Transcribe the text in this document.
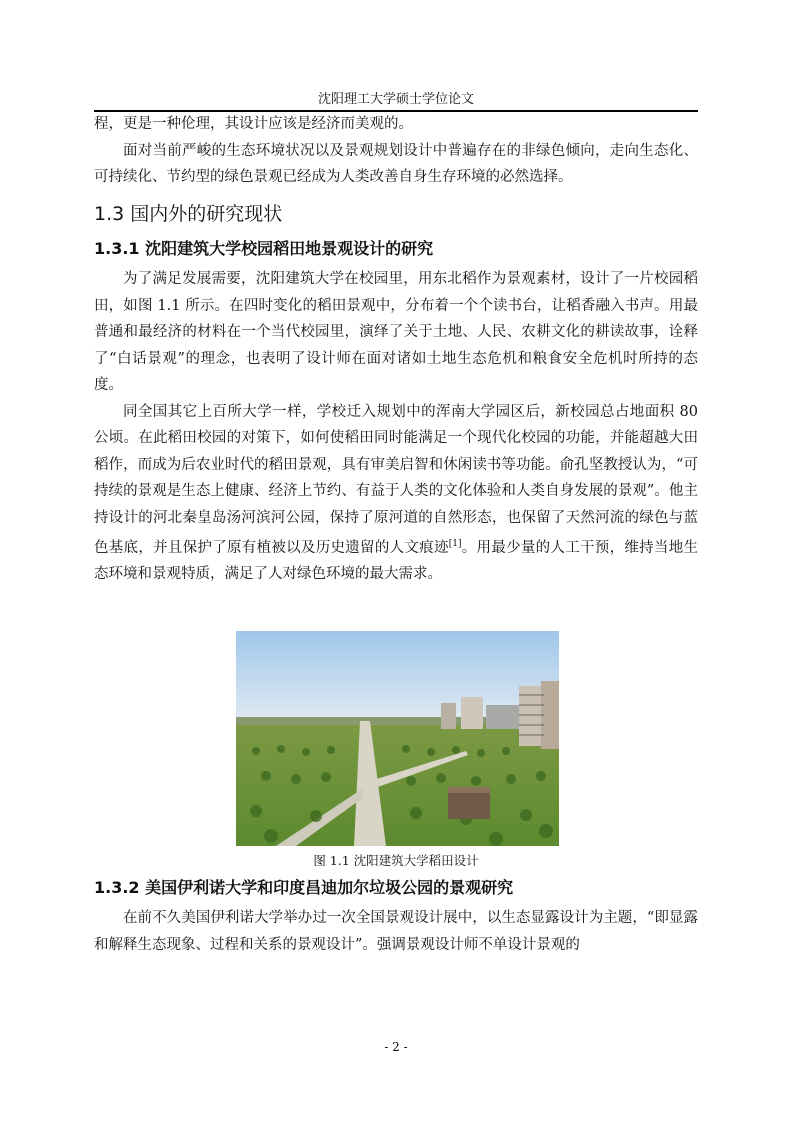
沈阳理工大学硕士学位论文

程，更是一种伦理，其设计应该是经济而美观的。

面对当前严峻的生态环境状况以及景观规划设计中普遍存在的非绿色倾向，走向生态化、可持续化、节约型的绿色景观已经成为人类改善自身生存环境的必然选择。

1.3 国内外的研究现状
1.3.1 沈阳建筑大学校园稻田地景观设计的研究

为了满足发展需要，沈阳建筑大学在校园里，用东北稻作为景观素材，设计了一片校园稻田，如图 1.1 所示。在四时变化的稻田景观中，分布着一个个读书台，让稻香融入书声。用最普通和最经济的材料在一个当代校园里，演绎了关于土地、人民、农耕文化的耕读故事，诠释了“白话景观”的理念，也表明了设计师在面对诸如土地生态危机和粮食安全危机时所持的态度。

同全国其它上百所大学一样，学校迁入规划中的浑南大学园区后，新校园总占地面积 80 公顷。在此稻田校园的对策下，如何使稻田同时能满足一个现代化校园的功能，并能超越大田稻作，而成为后农业时代的稻田景观，具有审美启智和休闲读书等功能。俞孔坚教授认为，“可持续的景观是生态上健康、经济上节约、有益于人类的文化体验和人类自身发展的景观”。他主持设计的河北秦皇岛汤河滨河公园，保持了原河道的自然形态，也保留了天然河流的绿色与蓝色基底，并且保护了原有植被以及历史遗留的人文痕迹[1]。用最少量的人工干预，维持当地生态环境和景观特质，满足了人对绿色环境的最大需求。

图 1.1 沈阳建筑大学稻田设计
1.3.2 美国伊利诺大学和印度昌迪加尔垃圾公园的景观研究

在前不久美国伊利诺大学举办过一次全国景观设计展中，以生态显露设计为主题，“即显露和解释生态现象、过程和关系的景观设计”。强调景观设计师不单设计景观的

- 2 -
